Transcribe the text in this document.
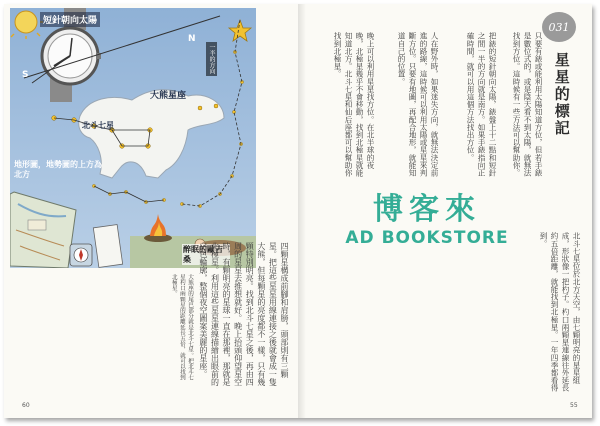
短針朝向太陽
一半的方向
大熊星座
北斗七星
地形圖，地勢圖的上方為北方
醉眠的歐吉桑
S
N
大熊座的尾巴部分就是北斗七星。把北斗七星杓口兩顆星的距離延長五倍，就可以找到北極星。	四顆星構成前腳和肩膀，頭部則有三顆星。把這些星星用線連接之後就會成一隻大熊，但每顆星的亮度都不一樣，只有幾顆特別明亮。找到北斗七星之後，再由四周的星星去推想就好。晚上抬頭仰望星空時，有顆明亮的星球一直在那裡，那就是北極星。利用這些星星連線描繪出眼前的白色輪廓，整個夜空圖案美麗的星座。
60
031
星星的標記
只要有錶或能利用太陽知道方位，但若手錶是數位式的，或是陰天看不到太陽，就無法找到方位。這時候有一些方法可以幫助你。
把錶的短針朝向太陽，錶盤上十二點和短針之間一半的方向就是南方。如果手錶指向正確時間，就可以用這個方法找出方位。
人在野外時，如果迷失方向，就無法決定前進的路線，這時候可以利用太陽或星星來判斷方位。只要有地圖，再配合地形，就能知道自己的位置。
晚上可以利用星星找方位。在北半球的夜晚，北極星幾乎不會移動，找到北極星就能知道北方。北斗七星和仙后座都可以幫助你找到北極星。
北斗七星位於北方天空，由七顆明亮的星星組成，形狀像一把杓子。杓口兩顆星連線往外延長約五倍距離，就能找到北極星。一年四季都看得到。
55
博客來
AD BOOKSTORE
